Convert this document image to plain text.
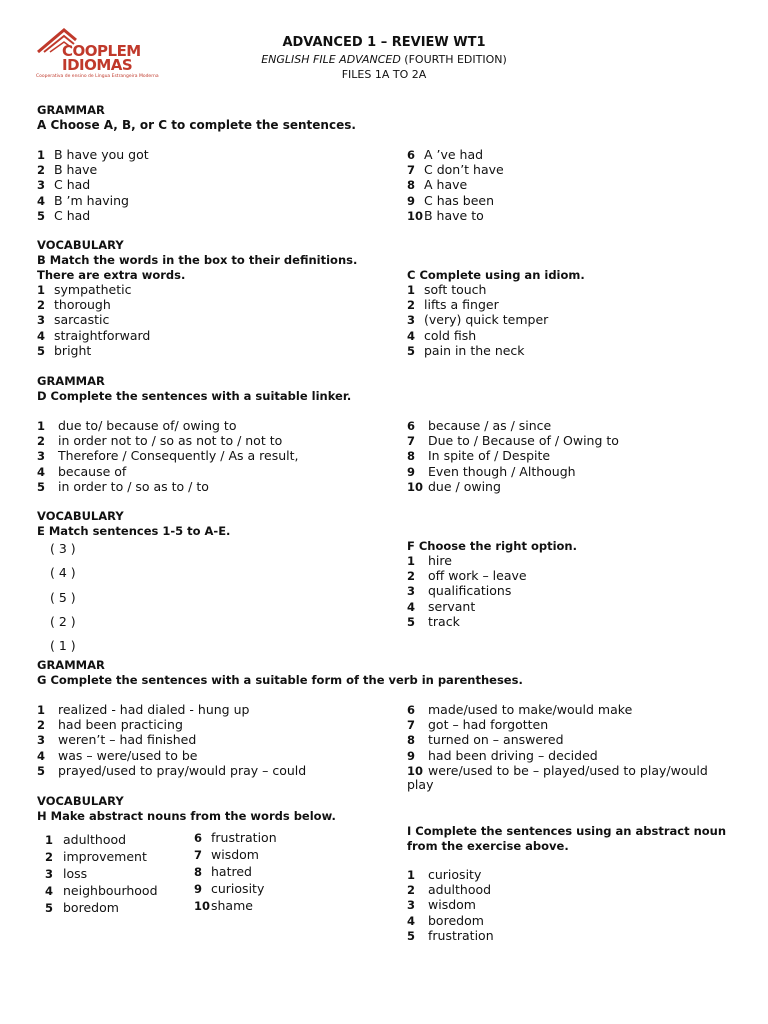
COOPLEM
IDIOMAS
Cooperativa de ensino de Língua Estrangeira Moderna
ADVANCED 1 – REVIEW WT1
ENGLISH FILE ADVANCED (FOURTH EDITION)
FILES 1A TO 2A
GRAMMAR
A Choose A, B, or C to complete the sentences.
1 B have you got
2 B have
3 C had
4 B ’m having
5 C had
6 A ’ve had
7 C don’t have
8 A have
9 C has been
10B have to
VOCABULARY
B Match the words in the box to their definitions.
There are extra words.	C Complete using an idiom.
1 sympathetic
2 thorough
3 sarcastic
4 straightforward
5 bright
1 soft touch
2 lifts a finger
3 (very) quick temper
4 cold fish
5 pain in the neck
GRAMMAR
D Complete the sentences with a suitable linker.
1 due to/ because of/ owing to
2 in order not to / so as not to / not to
3 Therefore / Consequently / As a result,
4 because of
5 in order to / so as to / to
6 because / as / since
7 Due to / Because of / Owing to
8 In spite of / Despite
9 Even though / Although
10 due / owing
VOCABULARY
E Match sentences 1-5 to A-E.
( 3 )
( 4 )
( 5 )
( 2 )
( 1 )
F Choose the right option.
1 hire
2 off work – leave
3 qualifications
4 servant
5 track
GRAMMAR
G Complete the sentences with a suitable form of the verb in parentheses.
1 realized - had dialed - hung up
2 had been practicing
3 weren’t – had finished
4 was – were/used to be
5 prayed/used to pray/would pray – could
6 made/used to make/would make
7 got – had forgotten
8 turned on – answered
9 had been driving – decided
10 were/used to be – played/used to play/would
play
VOCABULARY
H Make abstract nouns from the words below.
I Complete the sentences using an abstract noun
from the exercise above.
1 adulthood
2 improvement
3 loss
4 neighbourhood
5 boredom
6 frustration
7 wisdom
8 hatred
9 curiosity
10shame
1 curiosity
2 adulthood
3 wisdom
4 boredom
5 frustration
